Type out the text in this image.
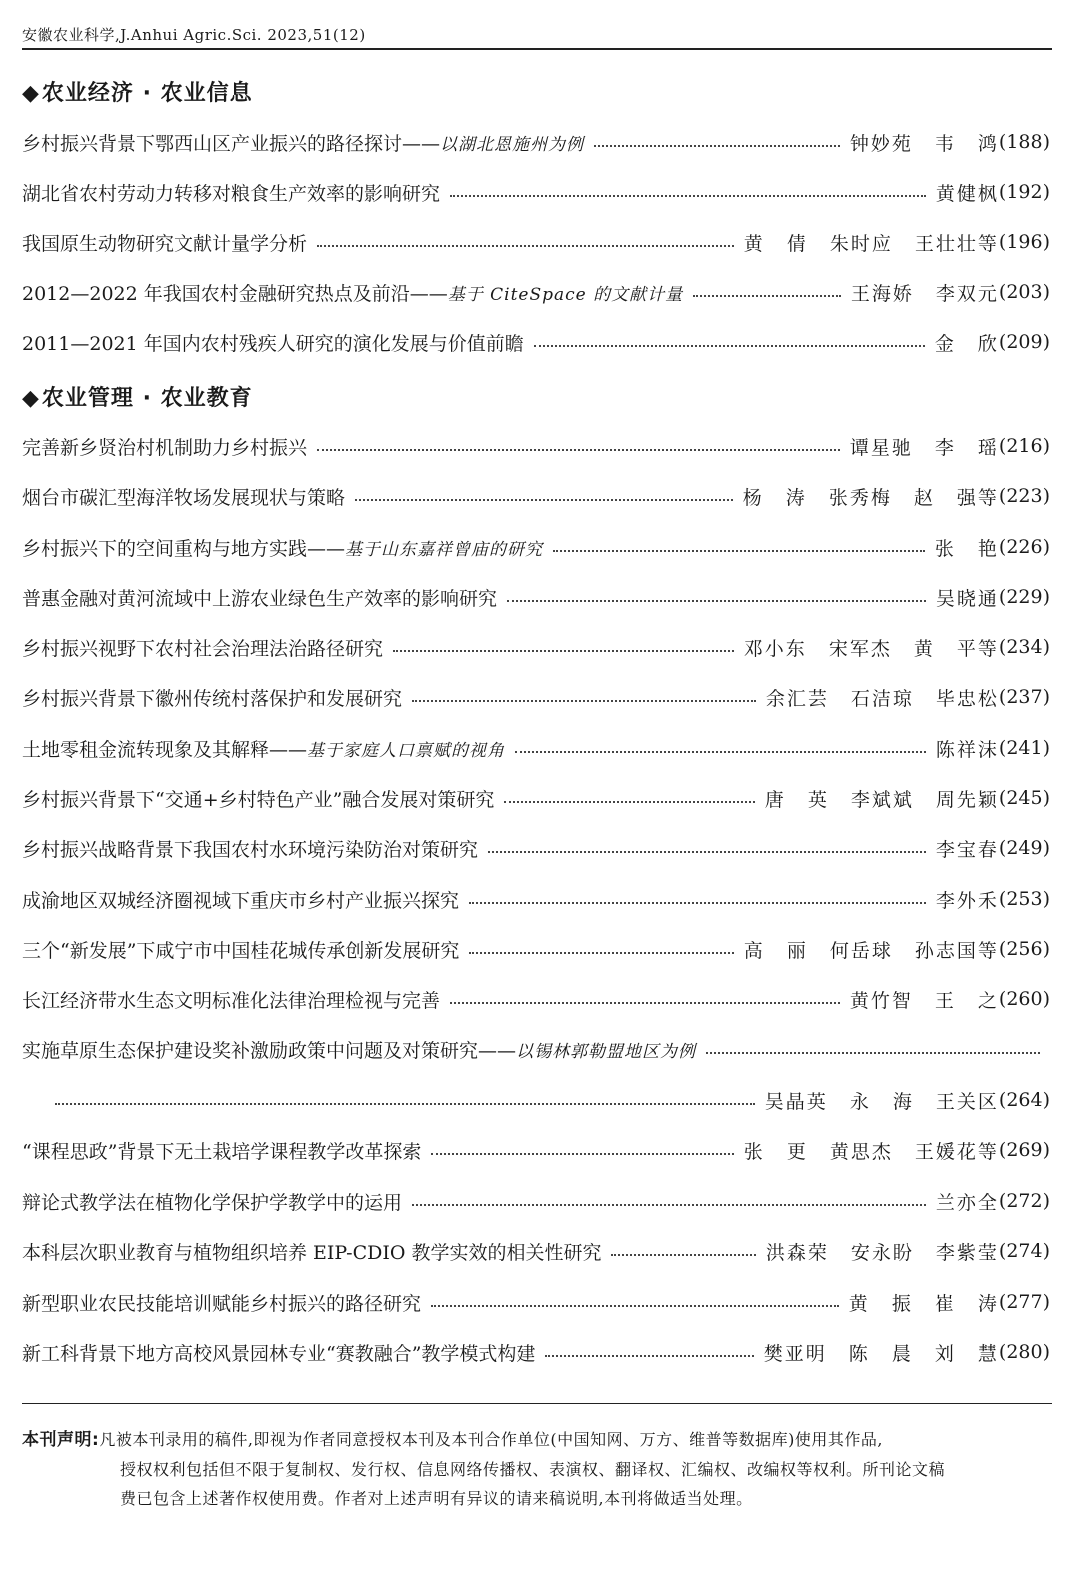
安徽农业科学,J.Anhui Agric.Sci. 2023,51(12)
◆农业经济 · 农业信息
乡村振兴背景下鄂西山区产业振兴的路径探讨—— 以湖北恩施州为例	钟妙苑 韦 鸿 (188)
湖北省农村劳动力转移对粮食生产效率的影响研究	黄健枫 (192)
我国原生动物研究文献计量学分析	黄 倩 朱时应 王壮壮等 (196)
2012—2022 年我国农村金融研究热点及前沿—— 基于 CiteSpace 的文献计量	王海娇 李双元 (203)
2011—2021 年国内农村残疾人研究的演化发展与价值前瞻	金 欣 (209)
◆农业管理 · 农业教育
完善新乡贤治村机制助力乡村振兴	谭星驰 李 瑶 (216)
烟台市碳汇型海洋牧场发展现状与策略	杨 涛 张秀梅 赵 强等 (223)
乡村振兴下的空间重构与地方实践—— 基于山东嘉祥曾庙的研究	张 艳 (226)
普惠金融对黄河流域中上游农业绿色生产效率的影响研究	吴晓通 (229)
乡村振兴视野下农村社会治理法治路径研究	邓小东 宋军杰 黄 平等 (234)
乡村振兴背景下徽州传统村落保护和发展研究	余汇芸 石洁琼 毕忠松 (237)
土地零租金流转现象及其解释—— 基于家庭人口禀赋的视角	陈祥沫 (241)
乡村振兴背景下“交通+乡村特色产业”融合发展对策研究	唐 英 李斌斌 周先颖 (245)
乡村振兴战略背景下我国农村水环境污染防治对策研究	李宝春 (249)
成渝地区双城经济圈视域下重庆市乡村产业振兴探究	李外禾 (253)
三个“新发展”下咸宁市中国桂花城传承创新发展研究	高 丽 何岳球 孙志国等 (256)
长江经济带水生态文明标准化法律治理检视与完善	黄竹智 王 之 (260)
实施草原生态保护建设奖补激励政策中问题及对策研究—— 以锡林郭勒盟地区为例
吴晶英 永 海 王关区 (264)
“课程思政”背景下无土栽培学课程教学改革探索	张 更 黄思杰 王媛花等 (269)
辩论式教学法在植物化学保护学教学中的运用	兰亦全 (272)
本科层次职业教育与植物组织培养 EIP-CDIO 教学实效的相关性研究	洪森荣 安永盼 李紫莹 (274)
新型职业农民技能培训赋能乡村振兴的路径研究	黄 振 崔 涛 (277)
新工科背景下地方高校风景园林专业“赛教融合”教学模式构建	樊亚明 陈 晨 刘 慧 (280)
本刊声明:凡被本刊录用的稿件,即视为作者同意授权本刊及本刊合作单位(中国知网、万方、维普等数据库)使用其作品,
授权权利包括但不限于复制权、发行权、信息网络传播权、表演权、翻译权、汇编权、改编权等权利。所刊论文稿
费已包含上述著作权使用费。作者对上述声明有异议的请来稿说明,本刊将做适当处理。
